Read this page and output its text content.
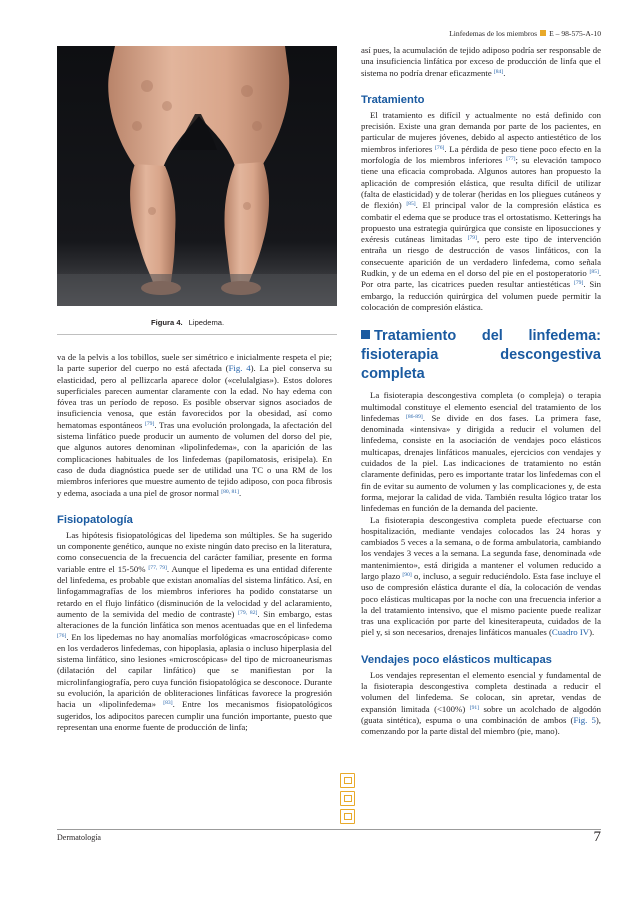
Linfedemas de los miembros E – 98-575-A-10
Figura 4. Lipedema.

va de la pelvis a los tobillos, suele ser simétrico e inicialmente respeta el pie; la parte superior del cuerpo no está afectada (Fig. 4). La piel conserva su elasticidad, pero al pellizcarla aparece dolor («celulalgias»). Estos dolores superficiales parecen aumentar claramente con la edad. No hay edema con fóvea tras un período de reposo. Es posible observar signos asociados de insuficiencia venosa, que están favorecidos por la obesidad, así como hematomas espontáneos [79]. Tras una evolución prolongada, la afectación del sistema linfático puede producir un aumento de volumen del dorso del pie, que algunos autores denominan «lipolinfedema», con la aparición de las complicaciones habituales de los linfedemas (papilomatosis, erisipela). En caso de duda diagnóstica puede ser de utilidad una TC o una RM de los miembros inferiores que muestre aumento de tejido adiposo, con poca fibrosis y edema, asociada a una piel de grosor normal [80, 81].

Fisiopatología

Las hipótesis fisiopatológicas del lipedema son múltiples. Se ha sugerido un componente genético, aunque no existe ningún dato preciso en la literatura, como consecuencia de la frecuencia del carácter familiar, presente en forma variable entre el 15-50% [77, 79]. Aunque el lipedema es una entidad diferente del linfedema, es probable que existan anomalías del sistema linfático. Así, en linfogammagrafías de los miembros inferiores ha podido constatarse un retardo en el flujo linfático (disminución de la velocidad y del aclaramiento, aumento de la semivida del medio de contraste) [79, 82]. Sin embargo, estas alteraciones de la función linfática son menos acentuadas que en el linfedema [76]. En los lipedemas no hay anomalías morfológicas «macroscópicas» como en los verdaderos linfedemas, con hipoplasia, aplasia o incluso hiperplasia del sistema linfático, sino lesiones «microscópicas» del tipo de microaneurismas (dilatación del capilar linfático) que se manifiestan por la microlinfangiografía, pero cuya función fisiopatológica se desconoce. Durante su evolución, la aparición de obliteraciones linfáticas favorece la progresión hacia un «lipolinfedema» [83]. Entre los mecanismos fisiopatológicos sugeridos, los adipocitos parecen cumplir una función importante, puesto que representan una enorme fuente de producción de linfa;

así pues, la acumulación de tejido adiposo podría ser responsable de una insuficiencia linfática por exceso de producción de linfa que el sistema no podría drenar eficazmente [84].

Tratamiento

El tratamiento es difícil y actualmente no está definido con precisión. Existe una gran demanda por parte de los pacientes, en particular de mujeres jóvenes, debido al aspecto antiestético de los miembros inferiores [76]. La pérdida de peso tiene poco efecto en la morfología de los miembros inferiores [77]; su elevación tampoco tiene una eficacia comprobada. Algunos autores han propuesto la aplicación de compresión elástica, que resulta difícil de utilizar (falta de elasticidad) y de tolerar (heridas en los pliegues cutáneos y de flexión) [85]. El principal valor de la compresión elástica es combatir el edema que se produce tras el ortostatismo. Ketterings ha propuesto una estrategia quirúrgica que consiste en liposucciones y exéresis cutáneas limitadas [79], pero este tipo de intervención entraña un riesgo de destrucción de vasos linfáticos, con la consecuente aparición de un verdadero linfedema, como señala Rudkin, y de un edema en el dorso del pie en el postoperatorio [85]. Por otra parte, las cicatrices pueden resultar antiestéticas [79]. Sin embargo, la reducción quirúrgica del volumen puede permitir la colocación de compresión elástica.

Tratamiento del linfedema: fisioterapia descongestiva completa

La fisioterapia descongestiva completa (o compleja) o terapia multimodal constituye el elemento esencial del tratamiento de los linfedemas [86-89]. Se divide en dos fases. La primera fase, denominada «intensiva» y dirigida a reducir el volumen del linfedema, consiste en la asociación de vendajes poco elásticos multicapas, drenajes linfáticos manuales, ejercicios con vendajes y cuidados de la piel. Las indicaciones de tratamiento no están claramente definidas, pero es importante tratar los linfedemas con el fin de evitar su aumento de volumen y las complicaciones y, de esta forma, mejorar la calidad de vida. También resulta lógico tratar los linfedemas en función de la demanda del paciente.

La fisioterapia descongestiva completa puede efectuarse con hospitalización, mediante vendajes colocados las 24 horas y cambiados 5 veces a la semana, o de forma ambulatoria, cambiando los vendajes 3 veces a la semana. La segunda fase, denominada «de mantenimiento», está dirigida a mantener el volumen reducido a largo plazo [90] o, incluso, a seguir reduciéndolo. Esta fase incluye el uso de compresión elástica durante el día, la colocación de vendas poco elásticas multicapas por la noche con una frecuencia inferior a la del tratamiento intensivo, que el mismo paciente puede realizar tras una explicación por parte del kinesiterapeuta, cuidados de la piel y, si son necesarios, drenajes linfáticos manuales (Cuadro IV).

Vendajes poco elásticos multicapas

Los vendajes representan el elemento esencial y fundamental de la fisioterapia descongestiva completa destinada a reducir el volumen del linfedema. Se colocan, sin apretar, vendas de expansión limitada (<100%) [91] sobre un acolchado de algodón (guata sintética), espuma o una combinación de ambos (Fig. 5), comenzando por la parte distal del miembro (pie, mano).

Dermatología	7
